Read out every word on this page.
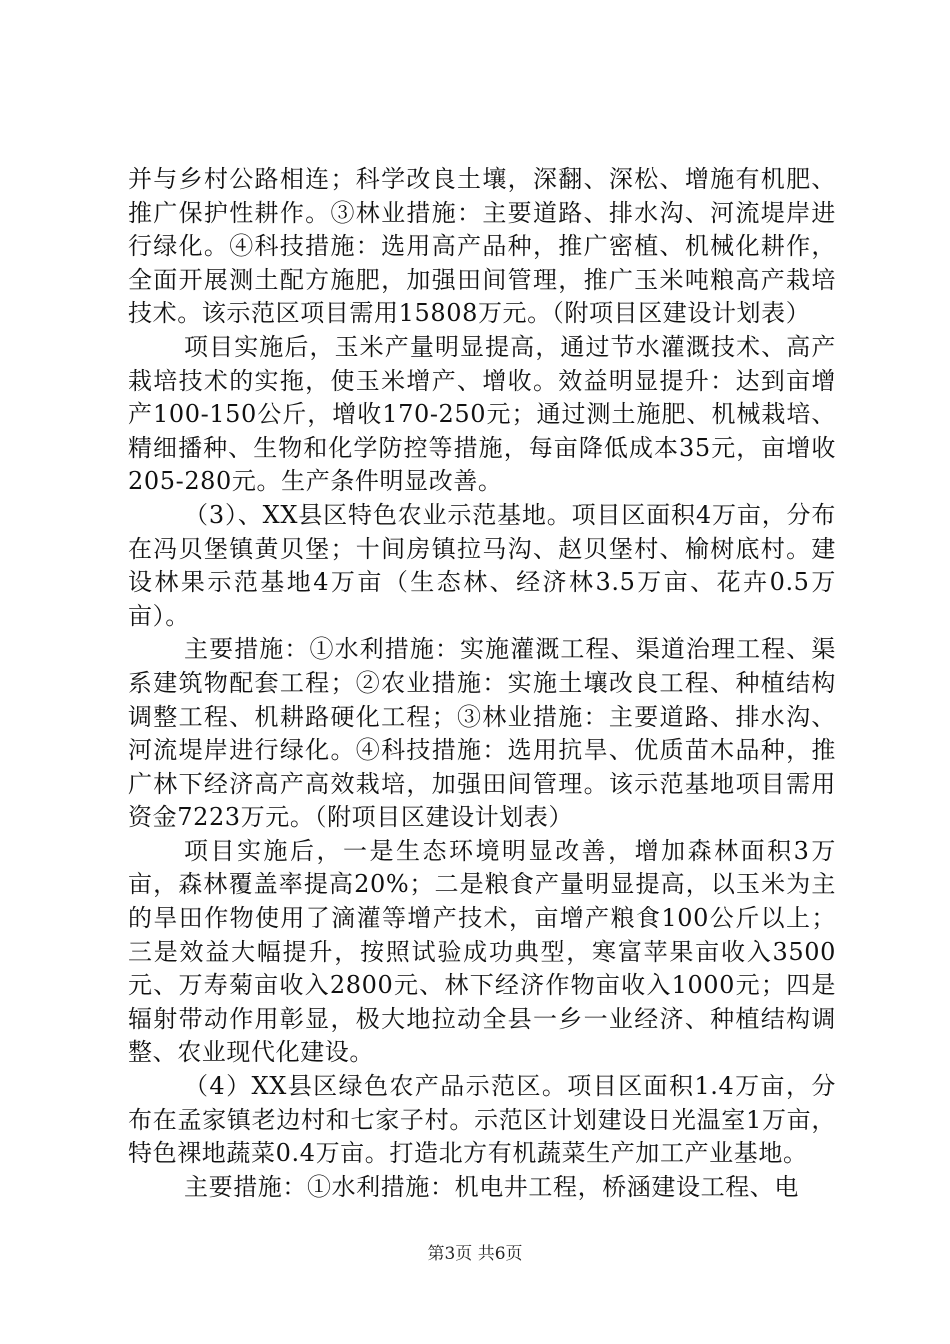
并与乡村公路相连；科学改良土壤，深翻、深松、增施有机肥、推广保护性耕作。③林业措施：主要道路、排水沟、河流堤岸进行绿化。④科技措施：选用高产品种，推广密植、机械化耕作，全面开展测土配方施肥，加强田间管理，推广玉米吨粮高产栽培技术。该示范区项目需用15808万元。（附项目区建设计划表）

项目实施后，玉米产量明显提高，通过节水灌溉技术、高产栽培技术的实拖，使玉米增产、增收。效益明显提升：达到亩增产100-150公斤，增收170-250元；通过测土施肥、机械栽培、精细播种、生物和化学防控等措施，每亩降低成本35元，亩增收205-280元。生产条件明显改善。

（3）、XX县区特色农业示范基地。项目区面积4万亩，分布在冯贝堡镇黄贝堡；十间房镇拉马沟、赵贝堡村、榆树底村。建设林果示范基地4万亩（生态林、经济林3.5万亩、花卉0.5万亩）。

主要措施：①水利措施：实施灌溉工程、渠道治理工程、渠系建筑物配套工程；②农业措施：实施土壤改良工程、种植结构调整工程、机耕路硬化工程；③林业措施：主要道路、排水沟、河流堤岸进行绿化。④科技措施：选用抗旱、优质苗木品种，推广林下经济高产高效栽培，加强田间管理。该示范基地项目需用资金7223万元。（附项目区建设计划表）

项目实施后，一是生态环境明显改善，增加森林面积3万亩，森林覆盖率提高20%；二是粮食产量明显提高，以玉米为主的旱田作物使用了滴灌等增产技术，亩增产粮食100公斤以上；三是效益大幅提升，按照试验成功典型，寒富苹果亩收入3500元、万寿菊亩收入2800元、林下经济作物亩收入1000元；四是辐射带动作用彰显，极大地拉动全县一乡一业经济、种植结构调整、农业现代化建设。

（4）XX县区绿色农产品示范区。项目区面积1.4万亩，分布在孟家镇老边村和七家子村。示范区计划建设日光温室1万亩，特色裸地蔬菜0.4万亩。打造北方有机蔬菜生产加工产业基地。

主要措施：①水利措施：机电井工程，桥涵建设工程、电

第3页 共6页
